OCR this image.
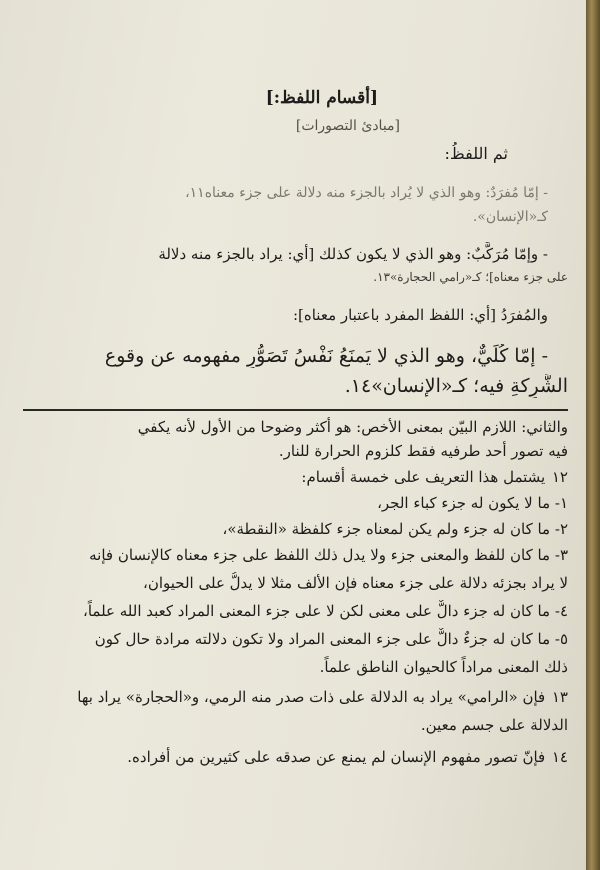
[أقسام اللفظ:]
[مبادئ التصورات]
ثم اللفظُ:
- إمّا مُفرَدٌ: وهو الذي لا يُراد بالجزء منه دلالة على جزء معناه١١،
كـ«الإنسان».
- وإمّا مُرَكَّبٌ: وهو الذي لا يكون كذلك [أي: يراد بالجزء منه دلالة
على جزء معناه]؛ كـ«رامي الحجارة»١٣.
والمُفرَدُ [أي: اللفظ المفرد باعتبار معناه]:
- إمّا كُلِّيٌّ، وهو الذي لا يَمنَعُ نَفْسُ تَصَوُّرِ مفهومه عن وقوع
الشَّرِكةِ فيه؛ كـ«الإنسان»١٤.
والثاني: اللازم البيّن بمعنى الأخص: هو أكثر وضوحا من الأول لأنه يكفي
فيه تصور أحد طرفيه فقط كلزوم الحرارة للنار.
١٢ يشتمل هذا التعريف على خمسة أقسام:
١- ما لا يكون له جزء كباء الجر،
٢- ما كان له جزء ولم يكن لمعناه جزء كلفظة «النقطة»،
٣- ما كان للفظ والمعنى جزء ولا يدل ذلك اللفظ على جزء معناه كالإنسان فإنه
لا يراد بجزئه دلالة على جزء معناه فإن الألف مثلا لا يدلُّ على الحيوان،
٤- ما كان له جزء دالٌّ على معنى لكن لا على جزء المعنى المراد كعبد الله علماً،
٥- ما كان له جزءٌ دالٌّ على جزء المعنى المراد ولا تكون دلالته مرادة حال كون
ذلك المعنى مراداً كالحيوان الناطق علماً.
١٣ فإن «الرامي» يراد به الدلالة على ذات صدر منه الرمي، و«الحجارة» يراد بها
الدلالة على جسم معين.
١٤ فإنّ تصور مفهوم الإنسان لم يمنع عن صدقه على كثيرين من أفراده.
